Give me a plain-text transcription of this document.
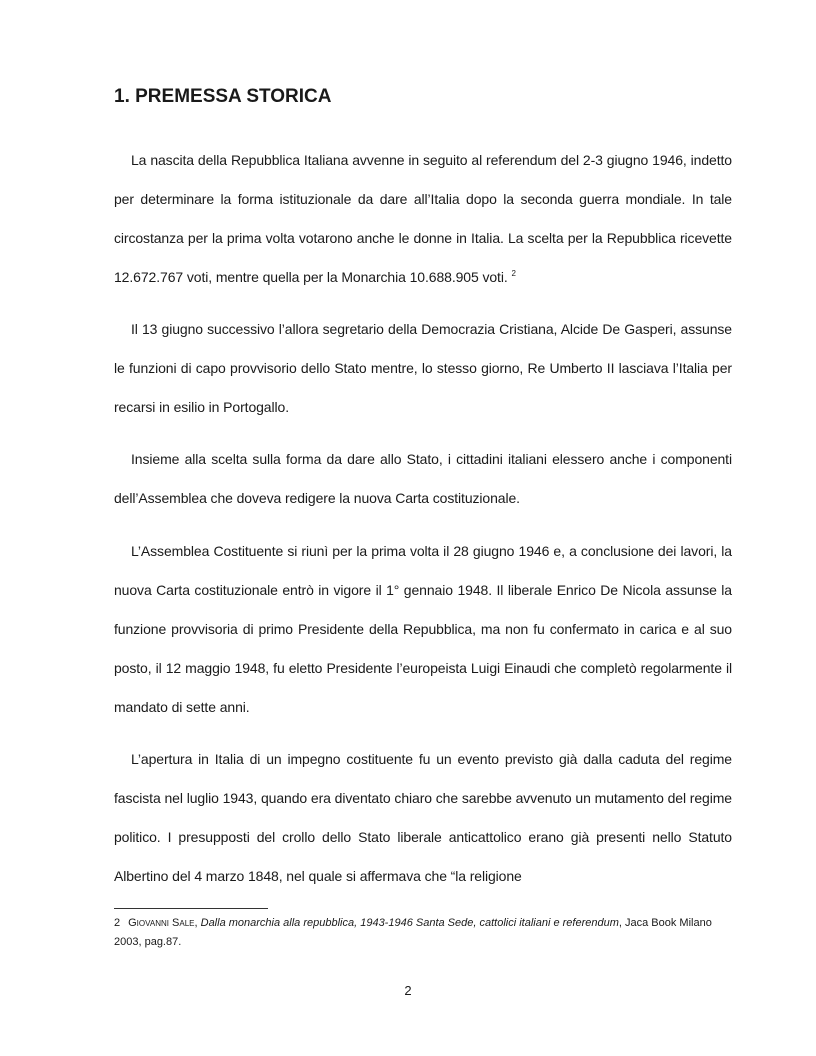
1. PREMESSA STORICA

La nascita della Repubblica Italiana avvenne in seguito al referendum del 2-3 giugno 1946, indetto per determinare la forma istituzionale da dare all’Italia dopo la seconda guerra mondiale. In tale circostanza per la prima volta votarono anche le donne in Italia. La scelta per la Repubblica ricevette 12.672.767 voti, mentre quella per la Monarchia 10.688.905 voti. $^2$

Il 13 giugno successivo l’allora segretario della Democrazia Cristiana, Alcide De Gasperi, assunse le funzioni di capo provvisorio dello Stato mentre, lo stesso giorno, Re Umberto II lasciava l’Italia per recarsi in esilio in Portogallo.

Insieme alla scelta sulla forma da dare allo Stato, i cittadini italiani elessero anche i componenti dell’Assemblea che doveva redigere la nuova Carta costituzionale.

L’Assemblea Costituente si riunì per la prima volta il 28 giugno 1946 e, a conclusione dei lavori, la nuova Carta costituzionale entrò in vigore il 1° gennaio 1948. Il liberale Enrico De Nicola assunse la funzione provvisoria di primo Presidente della Repubblica, ma non fu confermato in carica e al suo posto, il 12 maggio 1948, fu eletto Presidente l’europeista Luigi Einaudi che completò regolarmente il mandato di sette anni.

L’apertura in Italia di un impegno costituente fu un evento previsto già dalla caduta del regime fascista nel luglio 1943, quando era diventato chiaro che sarebbe avvenuto un mutamento del regime politico. I presupposti del crollo dello Stato liberale anticattolico erano già presenti nello Statuto Albertino del 4 marzo 1848, nel quale si affermava che “la religione

2 Giovanni Sale, Dalla monarchia alla repubblica, 1943-1946 Santa Sede, cattolici italiani e referendum, Jaca Book Milano 2003, pag.87.

2
